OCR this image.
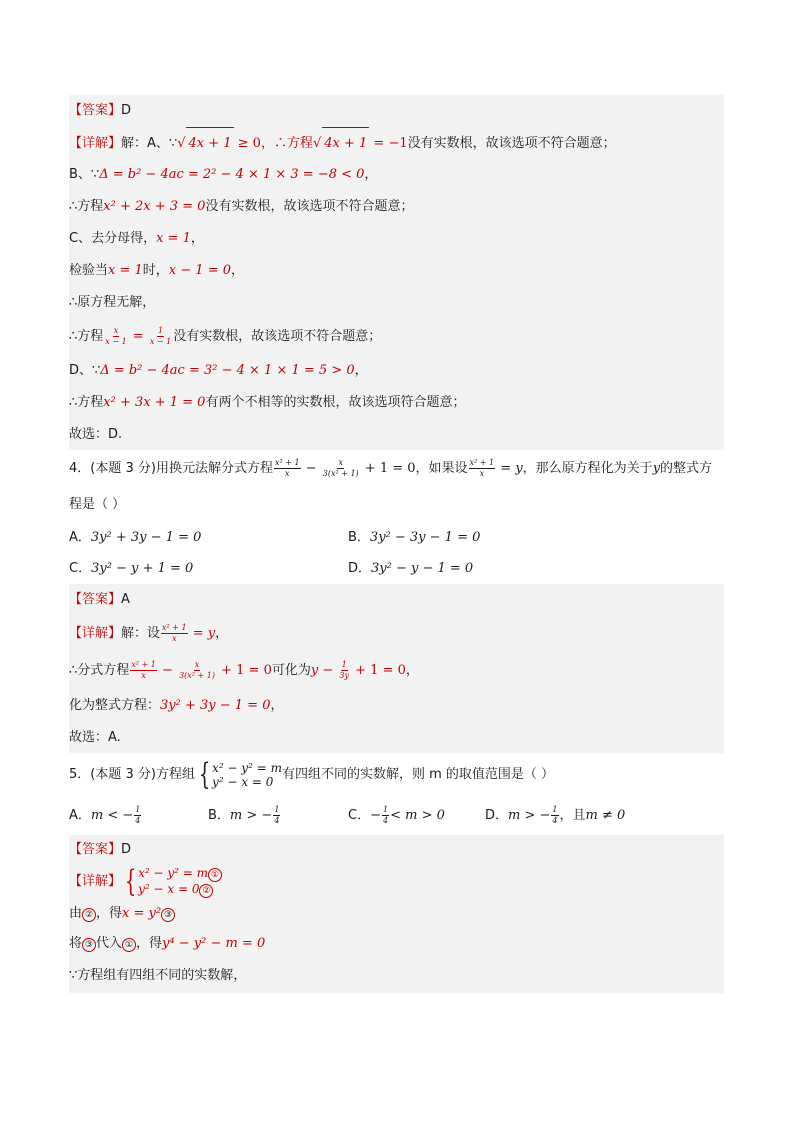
【答案】D
【详解】解：A、∵√ 4x + 1 ≥ 0，∴方程√ 4x + 1 = −1没有实数根，故该选项不符合题意；
B、∵Δ = b² − 4ac = 2² − 4 × 1 × 3 = −8 < 0，
∴方程x² + 2x + 3 = 0没有实数根，故该选项不符合题意；
C、去分母得，x = 1，
检验当x = 1时，x − 1 = 0，
∴原方程无解，
∴方程 $\frac{x}{x - 1} = \frac{1}{x - 1}$ 没有实数根，故该选项不符合题意；
D、∵Δ = b² − 4ac = 3² − 4 × 1 × 1 = 5 > 0，
∴方程x² + 3x + 1 = 0有两个不相等的实数根，故该选项符合题意；
故选：D.
4．(本题 3 分)用换元法解分式方程 $\frac{\text{x² + 1}}{x} - \frac{x}{\text{3(x² + 1)}} + 1 = 0$，如果设 $\frac{\text{x² + 1}}{x} = y$，那么原方程化为关于y的整式方
程是（ ）
A．3y² + 3y − 1 = 0	B．3y² − 3y − 1 = 0
C．3y² − y + 1 = 0	D．3y² − y − 1 = 0
【答案】A
【详解】解：设 $\frac{\text{x² + 1}}{x} = y$，
∴分式方程 $\frac{\text{x² + 1}}{x} - \frac{x}{\text{3(x² + 1)}} + 1 = 0$可化为$y - \frac{1}{3y} + 1 = 0$，
化为整式方程：3y² + 3y − 1 = 0，
故选：A.
5．(本题 3 分)方程组 { x² − y² = m
y² − x = 0 有四组不同的实数解，则 m 的取值范围是（ ）
A．m < − $\frac{1}{4}$	B．m > − $\frac{1}{4}$	C．− $\frac{1}{4} < m > 0$	D．m > − $\frac{1}{4}$ ，且m ≠ 0
【答案】D
【详解】 { x² − y² = m ①
y² − x = 0 ②
由 ② ，得x = y² ③
将 ③ 代入 ① ，得y⁴ − y² − m = 0
∵方程组有四组不同的实数解，
